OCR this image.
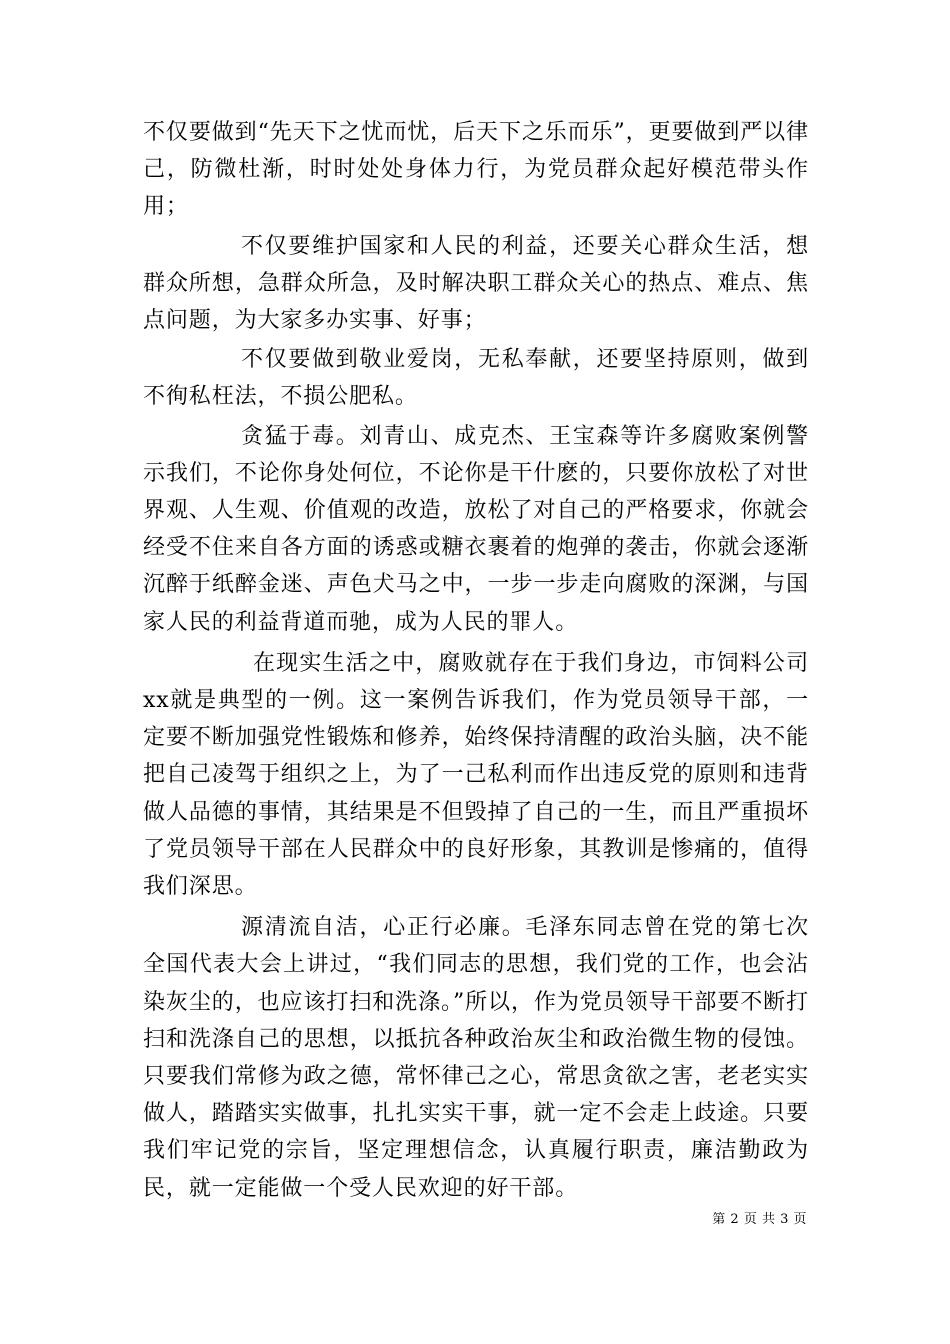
不仅要做到“先天下之忧而忧，后天下之乐而乐”，更要做到严以律己，防微杜渐，时时处处身体力行，为党员群众起好模范带头作用；

不仅要维护国家和人民的利益，还要关心群众生活，想群众所想，急群众所急，及时解决职工群众关心的热点、难点、焦点问题，为大家多办实事、好事；

不仅要做到敬业爱岗，无私奉献，还要坚持原则，做到不徇私枉法，不损公肥私。

贪猛于毒。刘青山、成克杰、王宝森等许多腐败案例警示我们，不论你身处何位，不论你是干什麽的，只要你放松了对世界观、人生观、价值观的改造，放松了对自己的严格要求，你就会经受不住来自各方面的诱惑或糖衣裹着的炮弹的袭击，你就会逐渐沉醉于纸醉金迷、声色犬马之中，一步一步走向腐败的深渊，与国家人民的利益背道而驰，成为人民的罪人。

在现实生活之中，腐败就存在于我们身边，市饲料公司xx就是典型的一例。这一案例告诉我们，作为党员领导干部，一定要不断加强党性锻炼和修养，始终保持清醒的政治头脑，决不能把自己凌驾于组织之上，为了一己私利而作出违反党的原则和违背做人品德的事情，其结果是不但毁掉了自己的一生，而且严重损坏了党员领导干部在人民群众中的良好形象，其教训是惨痛的，值得我们深思。

源清流自洁，心正行必廉。毛泽东同志曾在党的第七次全国代表大会上讲过，“我们同志的思想，我们党的工作，也会沾染灰尘的，也应该打扫和洗涤。”所以，作为党员领导干部要不断打扫和洗涤自己的思想，以抵抗各种政治灰尘和政治微生物的侵蚀。只要我们常修为政之德，常怀律己之心，常思贪欲之害，老老实实做人，踏踏实实做事，扎扎实实干事，就一定不会走上歧途。只要我们牢记党的宗旨，坚定理想信念，认真履行职责，廉洁勤政为民，就一定能做一个受人民欢迎的好干部。

第 2 页 共 3 页
